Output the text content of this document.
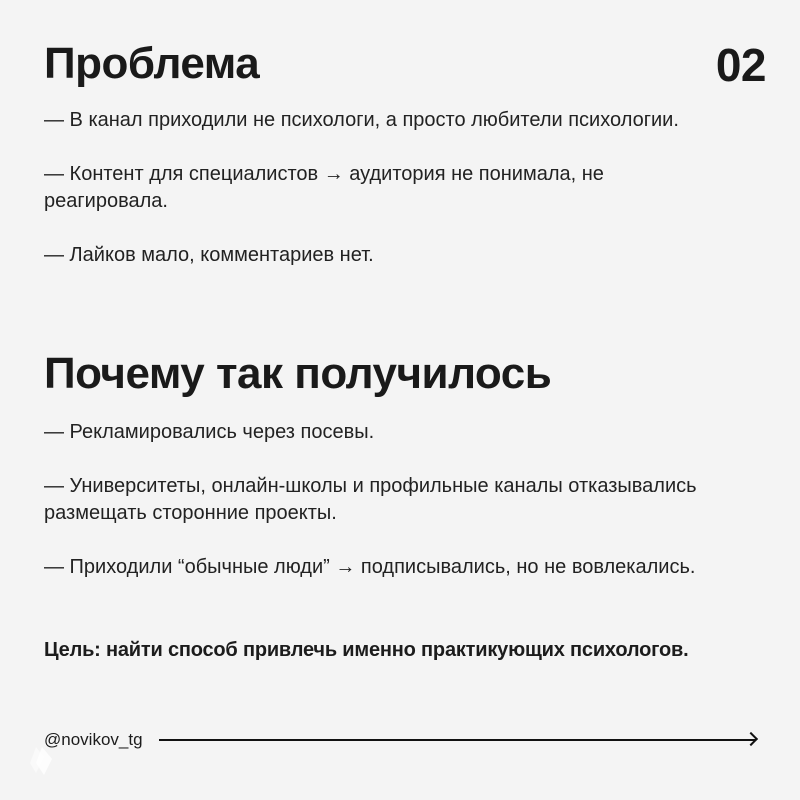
Проблема	02
— В канал приходили не психологи, а просто любители психологии.
— Контент для специалистов → аудитория не понимала, не реагировала.
— Лайков мало, комментариев нет.
Почему так получилось
— Рекламировались через посевы.
— Университеты, онлайн-школы и профильные каналы отказывались размещать сторонние проекты.
— Приходили “обычные люди” → подписывались, но не вовлекались.

Цель: найти способ привлечь именно практикующих психологов.

@novikov_tg
